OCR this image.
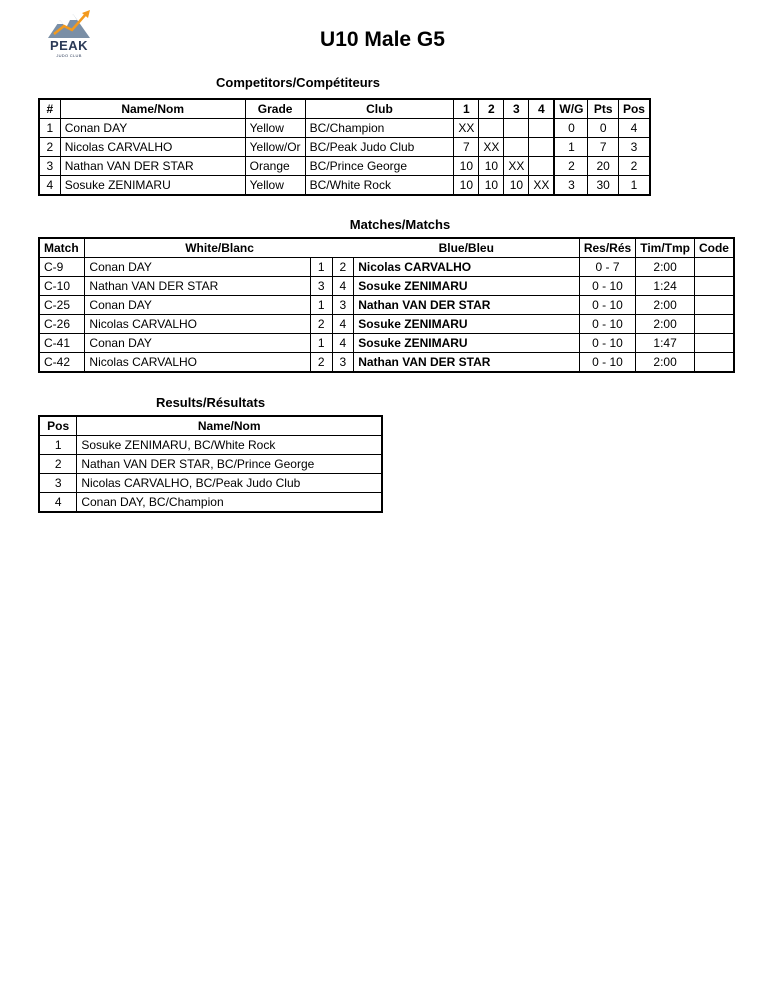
PEAK
JUDO CLUB
U10 Male G5
Competitors/Compétiteurs
#	Name/Nom	Grade	Club	1	2	3	4	W/G	Pts	Pos
1	Conan DAY	Yellow	BC/Champion	XX				0	0	4
2	Nicolas CARVALHO	Yellow/Or	BC/Peak Judo Club	7	XX			1	7	3
3	Nathan VAN DER STAR	Orange	BC/Prince George	10	10	XX		2	20	2
4	Sosuke ZENIMARU	Yellow	BC/White Rock	10	10	10	XX	3	30	1
Matches/Matchs
Match	White/Blanc			Blue/Bleu	Res/Rés	Tim/Tmp	Code
C-9	Conan DAY	1	2	Nicolas CARVALHO	0 - 7	2:00	
C-10	Nathan VAN DER STAR	3	4	Sosuke ZENIMARU	0 - 10	1:24	
C-25	Conan DAY	1	3	Nathan VAN DER STAR	0 - 10	2:00	
C-26	Nicolas CARVALHO	2	4	Sosuke ZENIMARU	0 - 10	2:00	
C-41	Conan DAY	1	4	Sosuke ZENIMARU	0 - 10	1:47	
C-42	Nicolas CARVALHO	2	3	Nathan VAN DER STAR	0 - 10	2:00	
Results/Résultats
Pos	Name/Nom
1	Sosuke ZENIMARU, BC/White Rock
2	Nathan VAN DER STAR, BC/Prince George
3	Nicolas CARVALHO, BC/Peak Judo Club
4	Conan DAY, BC/Champion
